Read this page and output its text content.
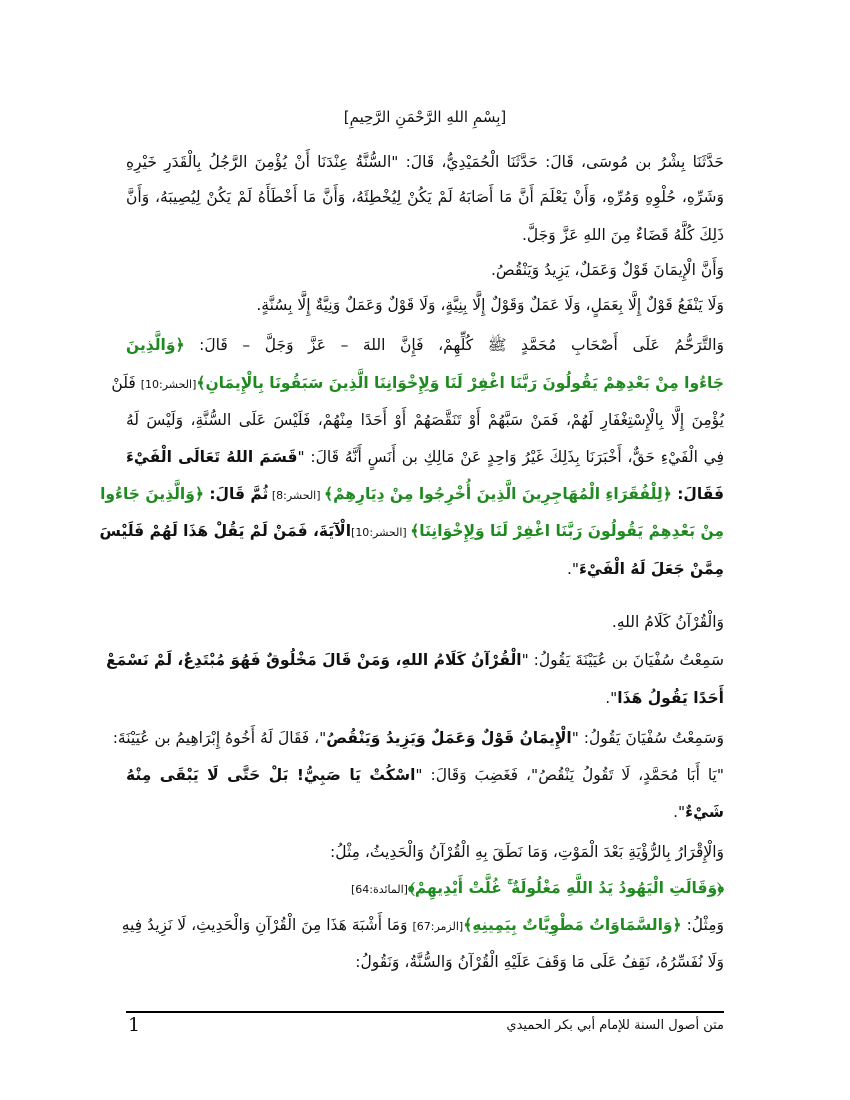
[بِسْمِ اللهِ الرَّحْمَنِ الرَّحِيمِ]
حَدَّثَنَا بِشْرُ بن مُوسَى، قَالَ: حَدَّثَنَا الْحُمَيْدِيُّ، قَالَ: "السُّنَّةُ عِنْدَنَا أَنْ يُؤْمِنَ الرَّجُلُ بِالْقَدَرِ خَيْرِهِ
وَشَرِّهِ، حُلْوِهِ وَمُرِّهِ، وَأَنْ يَعْلَمَ أَنَّ مَا أَصَابَهُ لَمْ يَكُنْ لِيُخْطِئَهُ، وَأَنَّ مَا أَخْطَأَهُ لَمْ يَكُنْ لِيُصِيبَهُ، وَأَنَّ
ذَلِكَ كُلَّهُ قَضَاءٌ مِنَ اللهِ عَزَّ وَجَلَّ.
وَأَنَّ الْإِيمَانَ قَوْلٌ وَعَمَلٌ، يَزِيدُ وَيَنْقُصُ.
وَلَا يَنْفَعُ قَوْلٌ إِلَّا بِعَمَلٍ، وَلَا عَمَلٌ وَقَوْلٌ إِلَّا بِنِيَّةٍ، وَلَا قَوْلٌ وَعَمَلٌ وَنِيَّةٌ إِلَّا بِسُنَّةٍ.
وَالتَّرَحُّمُ عَلَى أَصْحَابِ مُحَمَّدٍ ﷺ كُلِّهِمْ، فَإِنَّ اللهَ – عَزَّ وَجَلَّ – قَالَ: ﴿وَالَّذِينَ
جَاءُوا مِنْ بَعْدِهِمْ يَقُولُونَ رَبَّنَا اغْفِرْ لَنَا وَلِإِخْوَانِنَا الَّذِينَ سَبَقُونَا بِالْإِيمَانِ﴾[الحشر:10] فَلَنْ
يُؤْمِنَ إِلَّا بِالْإِسْتِغْفَارِ لَهُمْ، فَمَنْ سَبَّهُمْ أَوْ تَنَقَّصَهُمْ أَوْ أَحَدًا مِنْهُمْ، فَلَيْسَ عَلَى السُّنَّةِ، وَلَيْسَ لَهُ
فِي الْفَيْءِ حَقٌّ، أَخْبَرَنَا بِذَلِكَ غَيْرُ وَاحِدٍ عَنْ مَالِكِ بن أَنَسٍ أَنَّهُ قَالَ: "قَسَمَ اللهُ تَعَالَى الْفَيْءَ
فَقَالَ: ﴿لِلْفُقَرَاءِ الْمُهَاجِرِينَ الَّذِينَ أُخْرِجُوا مِنْ دِيَارِهِمْ﴾ [الحشر:8] ثُمَّ قَالَ: ﴿وَالَّذِينَ جَاءُوا
مِنْ بَعْدِهِمْ يَقُولُونَ رَبَّنَا اغْفِرْ لَنَا وَلِإِخْوَانِنَا﴾ [الحشر:10]الْآيَةَ، فَمَنْ لَمْ يَقُلْ هَذَا لَهُمْ فَلَيْسَ
مِمَّنْ جَعَلَ لَهُ الْفَيْءَ".
وَالْقُرْآنُ كَلَامُ اللهِ.
سَمِعْتُ سُفْيَانَ بن عُيَيْنَةَ يَقُولُ: "الْقُرْآنُ كَلَامُ اللهِ، وَمَنْ قَالَ مَخْلُوقٌ فَهُوَ مُبْتَدِعٌ، لَمْ نَسْمَعْ
أَحَدًا يَقُولُ هَذَا".
وَسَمِعْتُ سُفْيَانَ يَقُولُ: "الْإِيمَانُ قَوْلٌ وَعَمَلٌ وَيَزِيدُ وَيَنْقُصُ"، فَقَالَ لَهُ أَخُوهُ إِبْرَاهِيمُ بن عُيَيْنَةَ:
"يَا أَبَا مُحَمَّدٍ، لَا تَقُولُ يَنْقُصُ"، فَغَضِبَ وَقَالَ: "اسْكُتْ يَا صَبِيُّ! بَلْ حَتَّى لَا يَبْقَى مِنْهُ
شَيْءٌ".
وَالْإِقْرَارُ بِالرُّؤْيَةِ بَعْدَ الْمَوْتِ، وَمَا نَطَقَ بِهِ الْقُرْآنُ وَالْحَدِيثُ، مِثْلُ:
﴿وَقَالَتِ الْيَهُودُ يَدُ اللَّهِ مَغْلُولَةٌ ۚ غُلَّتْ أَيْدِيهِمْ﴾[المائدة:64]
وَمِثْلُ: ﴿وَالسَّمَاوَاتُ مَطْوِيَّاتٌ بِيَمِينِهِ﴾[الزمر:67] وَمَا أَشْبَهَ هَذَا مِنَ الْقُرْآنِ وَالْحَدِيثِ، لَا نَزِيدُ فِيهِ
وَلَا نُفَسِّرُهُ، نَقِفُ عَلَى مَا وَقَفَ عَلَيْهِ الْقُرْآنُ وَالسُّنَّةُ، وَنَقُولُ:
متن أصول السنة للإمام أبي بكر الحميدي
1
